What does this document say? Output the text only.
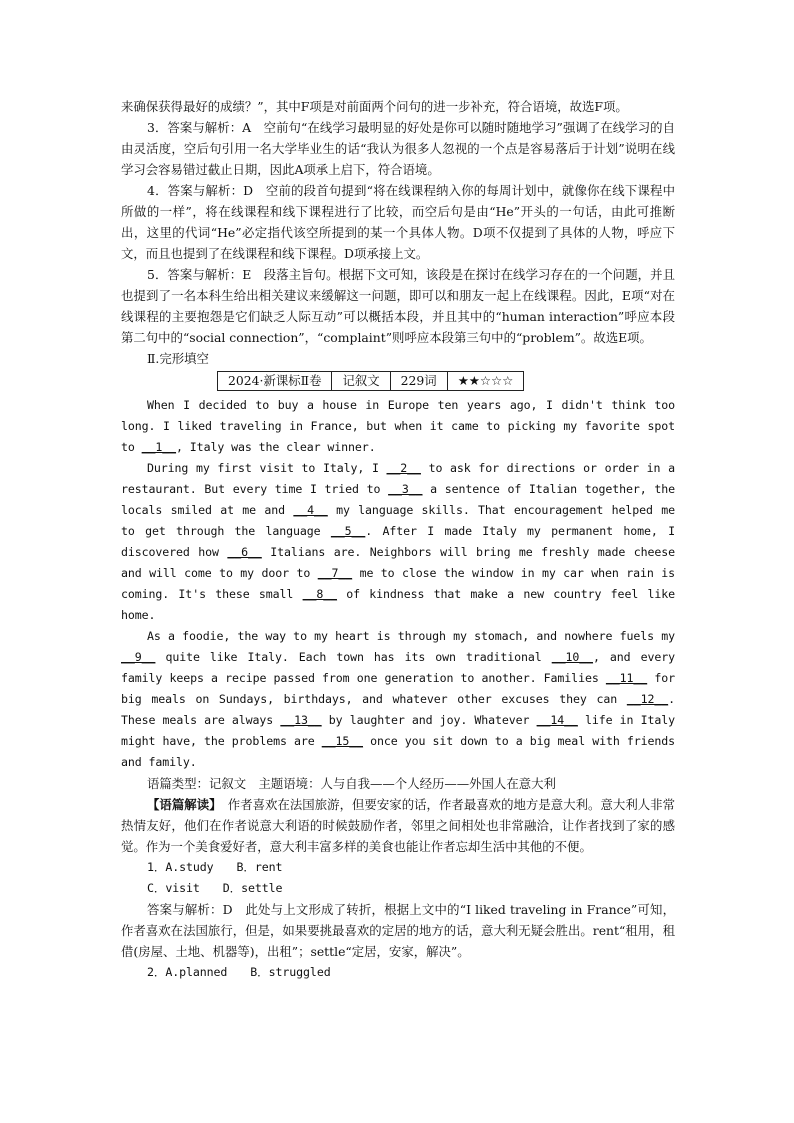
来确保获得最好的成绩？”，其中F项是对前面两个问句的进一步补充，符合语境，故选F项。

3．答案与解析：A　空前句“在线学习最明显的好处是你可以随时随地学习”强调了在线学习的自由灵活度，空后句引用一名大学毕业生的话“我认为很多人忽视的一个点是容易落后于计划”说明在线学习会容易错过截止日期，因此A项承上启下，符合语境。

4．答案与解析：D　空前的段首句提到“将在线课程纳入你的每周计划中，就像你在线下课程中所做的一样”，将在线课程和线下课程进行了比较，而空后句是由“He”开头的一句话，由此可推断出，这里的代词“He”必定指代该空所提到的某一个具体人物。D项不仅提到了具体的人物，呼应下文，而且也提到了在线课程和线下课程。D项承接上文。

5．答案与解析：E　段落主旨句。根据下文可知，该段是在探讨在线学习存在的一个问题，并且也提到了一名本科生给出相关建议来缓解这一问题，即可以和朋友一起上在线课程。因此，E项“对在线课程的主要抱怨是它们缺乏人际互动”可以概括本段，并且其中的“human interaction”呼应本段第二句中的“social connection”，“complaint”则呼应本段第三句中的“problem”。故选E项。

Ⅱ.完形填空

2024·新课标Ⅱ卷	记叙文	229词	★★☆☆☆

When I decided to buy a house in Europe ten years ago, I didn't think too long. I liked traveling in France, but when it came to picking my favorite spot to __1__, Italy was the clear winner.

During my first visit to Italy, I __2__ to ask for directions or order in a restaurant. But every time I tried to __3__ a sentence of Italian together, the locals smiled at me and __4__ my language skills. That encouragement helped me to get through the language __5__. After I made Italy my permanent home, I discovered how __6__ Italians are. Neighbors will bring me freshly made cheese and will come to my door to __7__ me to close the window in my car when rain is coming. It's these small __8__ of kindness that make a new country feel like home.

As a foodie, the way to my heart is through my stomach, and nowhere fuels my __9__ quite like Italy. Each town has its own traditional __10__, and every family keeps a recipe passed from one generation to another. Families __11__ for big meals on Sundays, birthdays, and whatever other excuses they can __12__. These meals are always __13__ by laughter and joy. Whatever __14__ life in Italy might have, the problems are __15__ once you sit down to a big meal with friends and family.

语篇类型：记叙文　主题语境：人与自我——个人经历——外国人在意大利

【语篇解读】　作者喜欢在法国旅游，但要安家的话，作者最喜欢的地方是意大利。意大利人非常热情友好，他们在作者说意大利语的时候鼓励作者，邻里之间相处也非常融洽，让作者找到了家的感觉。作为一个美食爱好者，意大利丰富多样的美食也能让作者忘却生活中其他的不便。

1．A.study　　B．rent

C．visit　　D．settle

答案与解析：D　此处与上文形成了转折，根据上文中的“I liked traveling in France”可知，作者喜欢在法国旅行，但是，如果要挑最喜欢的定居的地方的话，意大利无疑会胜出。rent“租用，租借(房屋、土地、机器等)，出租”；settle“定居，安家，解决”。

2．A.planned　　B．struggled
